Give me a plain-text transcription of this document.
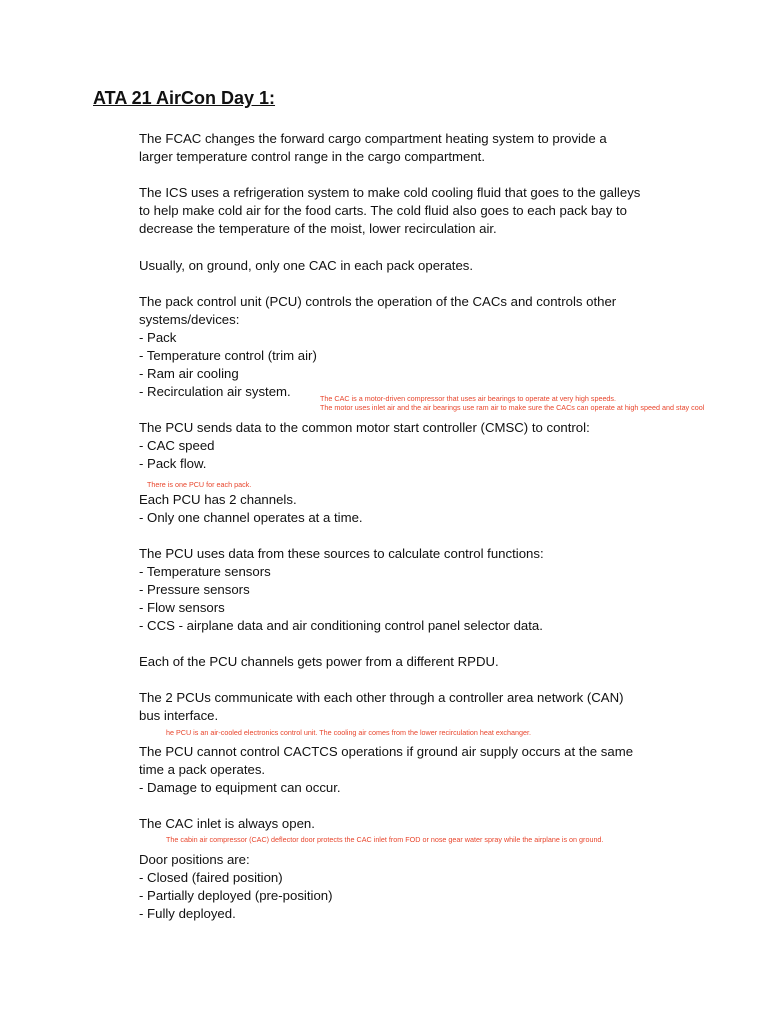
ATA 21 AirCon Day 1:
The FCAC changes the forward cargo compartment heating system to provide a
larger temperature control range in the cargo compartment.
The ICS uses a refrigeration system to make cold cooling fluid that goes to the galleys
to help make cold air for the food carts. The cold fluid also goes to each pack bay to
decrease the temperature of the moist, lower recirculation air.
Usually, on ground, only one CAC in each pack operates.
The pack control unit (PCU) controls the operation of the CACs and controls other
systems/devices:
- Pack
- Temperature control (trim air)
- Ram air cooling
- Recirculation air system.	The CAC is a motor-driven compressor that uses air bearings to operate at very high speeds.
The motor uses inlet air and the air bearings use ram air to make sure the CACs can operate at high speed and stay cool
The PCU sends data to the common motor start controller (CMSC) to control:
- CAC speed
- Pack flow.
There is one PCU for each pack.
Each PCU has 2 channels.
- Only one channel operates at a time.
The PCU uses data from these sources to calculate control functions:
- Temperature sensors
- Pressure sensors
- Flow sensors
- CCS - airplane data and air conditioning control panel selector data.
Each of the PCU channels gets power from a different RPDU.
The 2 PCUs communicate with each other through a controller area network (CAN)
bus interface.
he PCU is an air-cooled electronics control unit. The cooling air comes from the lower recirculation heat exchanger.
The PCU cannot control CACTCS operations if ground air supply occurs at the same
time a pack operates.
- Damage to equipment can occur.
The CAC inlet is always open.
The cabin air compressor (CAC) deflector door protects the CAC inlet from FOD or nose gear water spray while the airplane is on ground.
Door positions are:
- Closed (faired position)
- Partially deployed (pre-position)
- Fully deployed.
